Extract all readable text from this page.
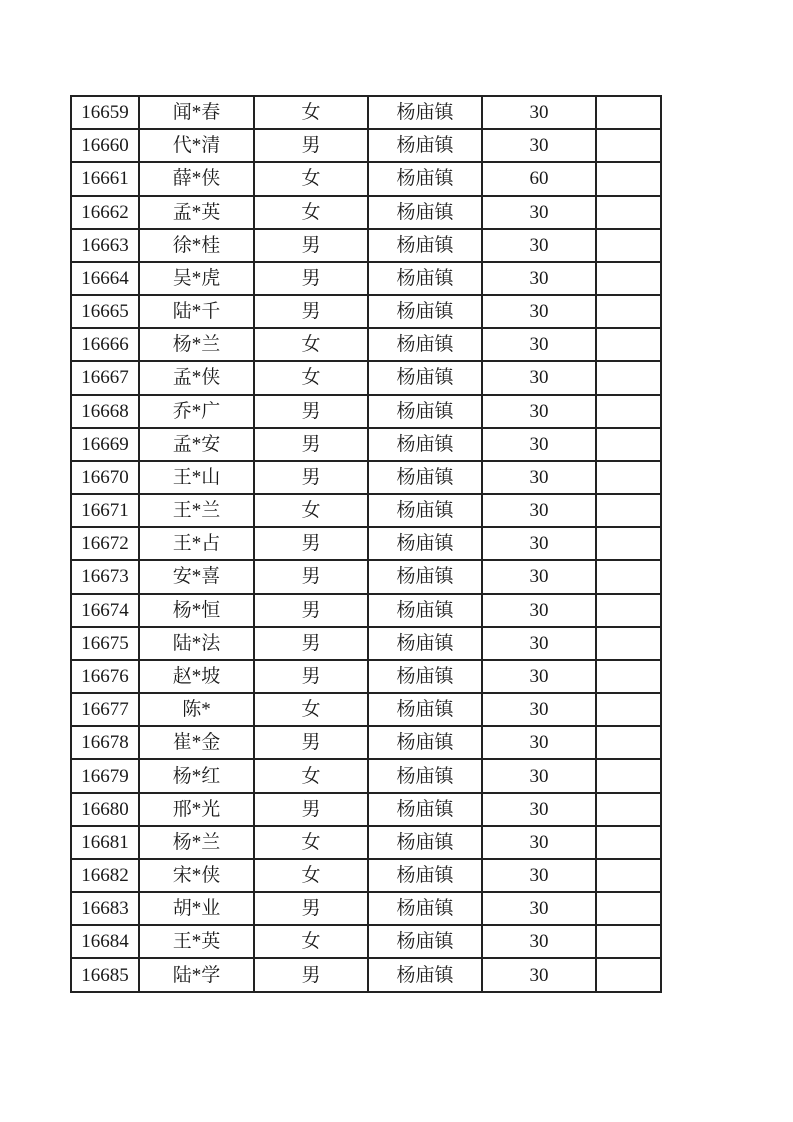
16659	闻*春	女	杨庙镇	30	
16660	代*清	男	杨庙镇	30	
16661	薛*侠	女	杨庙镇	60	
16662	孟*英	女	杨庙镇	30	
16663	徐*桂	男	杨庙镇	30	
16664	吴*虎	男	杨庙镇	30	
16665	陆*千	男	杨庙镇	30	
16666	杨*兰	女	杨庙镇	30	
16667	孟*侠	女	杨庙镇	30	
16668	乔*广	男	杨庙镇	30	
16669	孟*安	男	杨庙镇	30	
16670	王*山	男	杨庙镇	30	
16671	王*兰	女	杨庙镇	30	
16672	王*占	男	杨庙镇	30	
16673	安*喜	男	杨庙镇	30	
16674	杨*恒	男	杨庙镇	30	
16675	陆*法	男	杨庙镇	30	
16676	赵*坡	男	杨庙镇	30	
16677	陈*	女	杨庙镇	30	
16678	崔*金	男	杨庙镇	30	
16679	杨*红	女	杨庙镇	30	
16680	邢*光	男	杨庙镇	30	
16681	杨*兰	女	杨庙镇	30	
16682	宋*侠	女	杨庙镇	30	
16683	胡*业	男	杨庙镇	30	
16684	王*英	女	杨庙镇	30	
16685	陆*学	男	杨庙镇	30	
